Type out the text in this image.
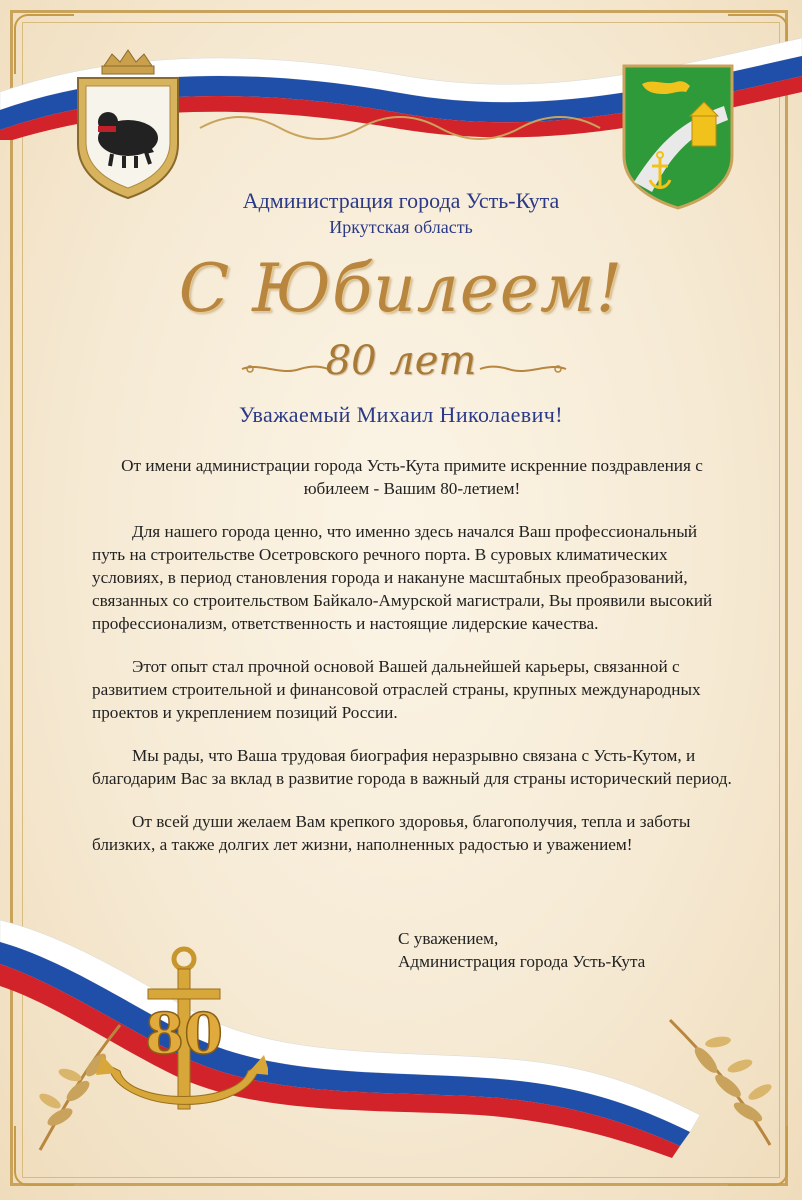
Администрация города Усть-Кута
Иркутская область
С Юбилеем!
80 лет
Уважаемый Михаил Николаевич!

От имени администрации города Усть-Кута примите искренние поздравления с юбилеем - Вашим 80-летием!

Для нашего города ценно, что именно здесь начался Ваш профессиональный путь на строительстве Осетровского речного порта. В суровых климатических условиях, в период становления города и накануне масштабных преобразований, связанных со строительством Байкало-Амурской магистрали, Вы проявили высокий профессионализм, ответственность и настоящие лидерские качества.

Этот опыт стал прочной основой Вашей дальнейшей карьеры, связанной с развитием строительной и финансовой отраслей страны, крупных международных проектов и укреплением позиций России.

Мы рады, что Ваша трудовая биография неразрывно связана с Усть-Кутом, и благодарим Вас за вклад в развитие города в важный для страны исторический период.

От всей души желаем Вам крепкого здоровья, благополучия, тепла и заботы близких, а также долгих лет жизни, наполненных радостью и уважением!

С уважением,
Администрация города Усть-Кута
80
